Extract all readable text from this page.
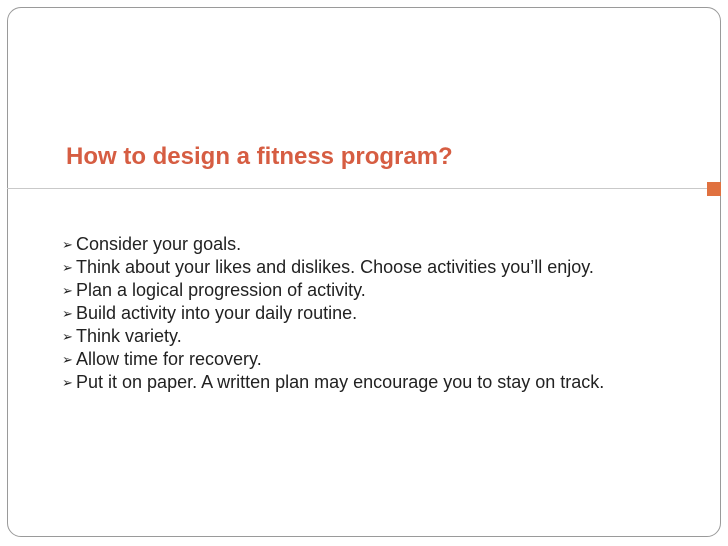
How to design a fitness program?
➢ Consider your goals.
➢ Think about your likes and dislikes. Choose activities you’ll enjoy.
➢ Plan a logical progression of activity.
➢ Build activity into your daily routine.
➢ Think variety.
➢ Allow time for recovery.
➢ Put it on paper. A written plan may encourage you to stay on track.
